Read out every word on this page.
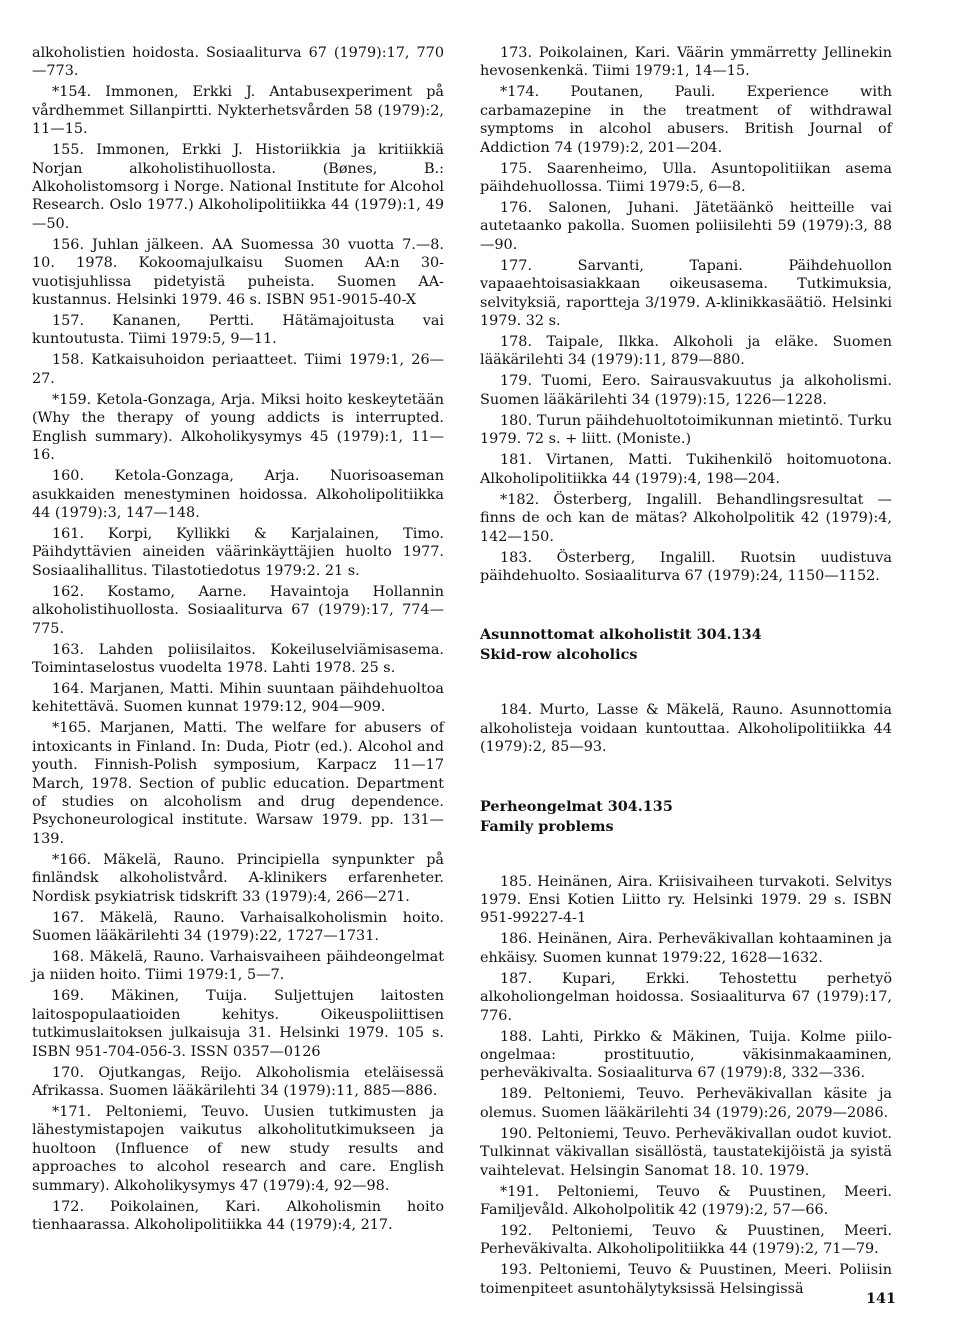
alkoholistien hoidosta. Sosiaaliturva 67 (1979):17, 770—773.

*154. Immonen, Erkki J. Antabusexperiment på vårdhemmet Sillanpirtti. Nykterhetsvården 58 (1979):2, 11—15.

155. Immonen, Erkki J. Historiikkia ja kritiikkiä Norjan alkoholistihuollosta. (Bønes, B.: Alkoholistomsorg i Norge. National Institute for Alcohol Research. Oslo 1977.) Alkoholipolitiikka 44 (1979):1, 49—50.

156. Juhlan jälkeen. AA Suomessa 30 vuotta 7.—8. 10. 1978. Kokoomajulkaisu Suomen AA:n 30-vuotisjuhlissa pidetyistä puheista. Suomen AA-kustannus. Helsinki 1979. 46 s. ISBN 951-9015-40-X

157. Kananen, Pertti. Hätämajoitusta vai kuntoutusta. Tiimi 1979:5, 9—11.

158. Katkaisuhoidon periaatteet. Tiimi 1979:1, 26—27.

*159. Ketola-Gonzaga, Arja. Miksi hoito keskeytetään (Why the therapy of young addicts is interrupted. English summary). Alkoholikysymys 45 (1979):1, 11—16.

160. Ketola-Gonzaga, Arja. Nuorisoaseman asukkaiden menestyminen hoidossa. Alkoholipolitiikka 44 (1979):3, 147—148.

161. Korpi, Kyllikki & Karjalainen, Timo. Päihdyttävien aineiden väärinkäyttäjien huolto 1977. Sosiaalihallitus. Tilastotiedotus 1979:2. 21 s.

162. Kostamo, Aarne. Havaintoja Hollannin alkoholistihuollosta. Sosiaaliturva 67 (1979):17, 774—775.

163. Lahden poliisilaitos. Kokeiluselviämisasema. Toimintaselostus vuodelta 1978. Lahti 1978. 25 s.

164. Marjanen, Matti. Mihin suuntaan päihdehuoltoa kehitettävä. Suomen kunnat 1979:12, 904—909.

*165. Marjanen, Matti. The welfare for abusers of intoxicants in Finland. In: Duda, Piotr (ed.). Alcohol and youth. Finnish-Polish symposium, Karpacz 11—17 March, 1978. Section of public education. Department of studies on alcoholism and drug dependence. Psychoneurological institute. Warsaw 1979. pp. 131—139.

*166. Mäkelä, Rauno. Principiella synpunkter på finländsk alkoholistvård. A-klinikers erfarenheter. Nordisk psykiatrisk tidskrift 33 (1979):4, 266—271.

167. Mäkelä, Rauno. Varhaisalkoholismin hoito. Suomen lääkärilehti 34 (1979):22, 1727—1731.

168. Mäkelä, Rauno. Varhaisvaiheen päihdeongelmat ja niiden hoito. Tiimi 1979:1, 5—7.

169. Mäkinen, Tuija. Suljettujen laitosten laitospopulaatioiden kehitys. Oikeuspoliittisen tutkimuslaitoksen julkaisuja 31. Helsinki 1979. 105 s. ISBN 951-704-056-3. ISSN 0357—0126

170. Ojutkangas, Reijo. Alkoholismia eteläisessä Afrikassa. Suomen lääkärilehti 34 (1979):11, 885—886.

*171. Peltoniemi, Teuvo. Uusien tutkimusten ja lähestymistapojen vaikutus alkoholitutkimukseen ja huoltoon (Influence of new study results and approaches to alcohol research and care. English summary). Alkoholikysymys 47 (1979):4, 92—98.

172. Poikolainen, Kari. Alkoholismin hoito tienhaarassa. Alkoholipolitiikka 44 (1979):4, 217.

173. Poikolainen, Kari. Väärin ymmärretty Jellinekin hevosenkenkä. Tiimi 1979:1, 14—15.

*174. Poutanen, Pauli. Experience with carbamazepine in the treatment of withdrawal symptoms in alcohol abusers. British Journal of Addiction 74 (1979):2, 201—204.

175. Saarenheimo, Ulla. Asuntopolitiikan asema päihdehuollossa. Tiimi 1979:5, 6—8.

176. Salonen, Juhani. Jätetäänkö heitteille vai autetaanko pakolla. Suomen poliisilehti 59 (1979):3, 88—90.

177. Sarvanti, Tapani. Päihdehuollon vapaaehtoisasiakkaan oikeusasema. Tutkimuksia, selvityksiä, raportteja 3/1979. A-klinikkasäätiö. Helsinki 1979. 32 s.

178. Taipale, Ilkka. Alkoholi ja eläke. Suomen lääkärilehti 34 (1979):11, 879—880.

179. Tuomi, Eero. Sairausvakuutus ja alkoholismi. Suomen lääkärilehti 34 (1979):15, 1226—1228.

180. Turun päihdehuoltotoimikunnan mietintö. Turku 1979. 72 s. + liitt. (Moniste.)

181. Virtanen, Matti. Tukihenkilö hoitomuotona. Alkoholipolitiikka 44 (1979):4, 198—204.

*182. Österberg, Ingalill. Behandlingsresultat — finns de och kan de mätas? Alkoholpolitik 42 (1979):4, 142—150.

183. Österberg, Ingalill. Ruotsin uudistuva päihdehuolto. Sosiaaliturva 67 (1979):24, 1150—1152.

Asunnottomat alkoholistit 304.134

Skid-row alcoholics

184. Murto, Lasse & Mäkelä, Rauno. Asunnottomia alkoholisteja voidaan kuntouttaa. Alkoholipolitiikka 44 (1979):2, 85—93.

Perheongelmat 304.135

Family problems

185. Heinänen, Aira. Kriisivaiheen turvakoti. Selvitys 1979. Ensi Kotien Liitto ry. Helsinki 1979. 29 s. ISBN 951-99227-4-1

186. Heinänen, Aira. Perheväkivallan kohtaaminen ja ehkäisy. Suomen kunnat 1979:22, 1628—1632.

187. Kupari, Erkki. Tehostettu perhetyö alkoholiongelman hoidossa. Sosiaaliturva 67 (1979):17, 776.

188. Lahti, Pirkko & Mäkinen, Tuija. Kolme piilo-ongelmaa: prostituutio, väkisinmakaaminen, perheväkivalta. Sosiaaliturva 67 (1979):8, 332—336.

189. Peltoniemi, Teuvo. Perheväkivallan käsite ja olemus. Suomen lääkärilehti 34 (1979):26, 2079—2086.

190. Peltoniemi, Teuvo. Perheväkivallan oudot kuviot. Tulkinnat väkivallan sisällöstä, taustatekijöistä ja syistä vaihtelevat. Helsingin Sanomat 18. 10. 1979.

*191. Peltoniemi, Teuvo & Puustinen, Meeri. Familjevåld. Alkoholpolitik 42 (1979):2, 57—66.

192. Peltoniemi, Teuvo & Puustinen, Meeri. Perheväkivalta. Alkoholipolitiikka 44 (1979):2, 71—79.

193. Peltoniemi, Teuvo & Puustinen, Meeri. Poliisin toimenpiteet asuntohälytyksissä Helsingissä

141
